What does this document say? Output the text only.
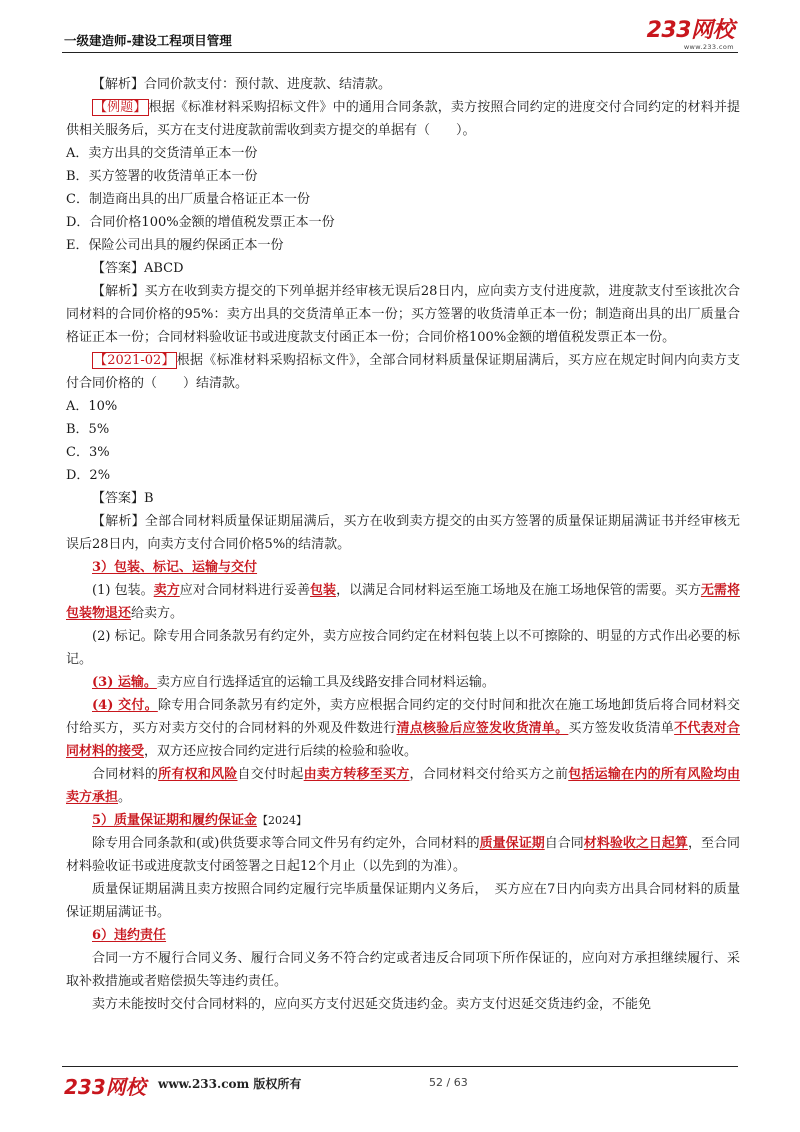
一级建造师-建设工程项目管理	233网校
www.233.com

【解析】合同价款支付：预付款、进度款、结清款。

【例题】 根据《标准材料采购招标文件》中的通用合同条款，卖方按照合同约定的进度交付合同约定的材料并提供相关服务后，买方在支付进度款前需收到卖方提交的单据有（　　）。

A．卖方出具的交货清单正本一份

B．买方签署的收货清单正本一份

C．制造商出具的出厂质量合格证正本一份

D．合同价格100%金额的增值税发票正本一份

E．保险公司出具的履约保函正本一份

【答案】ABCD

【解析】买方在收到卖方提交的下列单据并经审核无误后28日内，应向卖方支付进度款，进度款支付至该批次合同材料的合同价格的95%：卖方出具的交货清单正本一份；买方签署的收货清单正本一份；制造商出具的出厂质量合格证正本一份；合同材料验收证书或进度款支付函正本一份；合同价格100%金额的增值税发票正本一份。

【2021-02】 根据《标准材料采购招标文件》，全部合同材料质量保证期届满后，买方应在规定时间内向卖方支付合同价格的（　　）结清款。

A．10%

B．5%

C．3%

D．2%

【答案】B

【解析】全部合同材料质量保证期届满后，买方在收到卖方提交的由买方签署的质量保证期届满证书并经审核无误后28日内，向卖方支付合同价格5%的结清款。

3）包装、标记、运输与交付

(1) 包装。卖方应对合同材料进行妥善包装，以满足合同材料运至施工场地及在施工场地保管的需要。买方无需将包装物退还给卖方。

(2) 标记。除专用合同条款另有约定外，卖方应按合同约定在材料包装上以不可擦除的、明显的方式作出必要的标记。

(3) 运输。卖方应自行选择适宜的运输工具及线路安排合同材料运输。

(4) 交付。除专用合同条款另有约定外，卖方应根据合同约定的交付时间和批次在施工场地卸货后将合同材料交付给买方，买方对卖方交付的合同材料的外观及件数进行清点核验后应签发收货清单。买方签发收货清单不代表对合同材料的接受，双方还应按合同约定进行后续的检验和验收。

合同材料的所有权和风险自交付时起由卖方转移至买方，合同材料交付给买方之前包括运输在内的所有风险均由卖方承担。

5）质量保证期和履约保证金【2024】

除专用合同条款和(或)供货要求等合同文件另有约定外，合同材料的质量保证期自合同材料验收之日起算，至合同材料验收证书或进度款支付函签署之日起12个月止（以先到的为准）。

质量保证期届满且卖方按照合同约定履行完毕质量保证期内义务后，　买方应在7日内向卖方出具合同材料的质量保证期届满证书。

6）违约责任

合同一方不履行合同义务、履行合同义务不符合约定或者违反合同项下所作保证的，应向对方承担继续履行、采取补救措施或者赔偿损失等违约责任。

卖方未能按时交付合同材料的，应向买方支付迟延交货违约金。卖方支付迟延交货违约金，不能免

233网校 www.233.com 版权所有	52 / 63
